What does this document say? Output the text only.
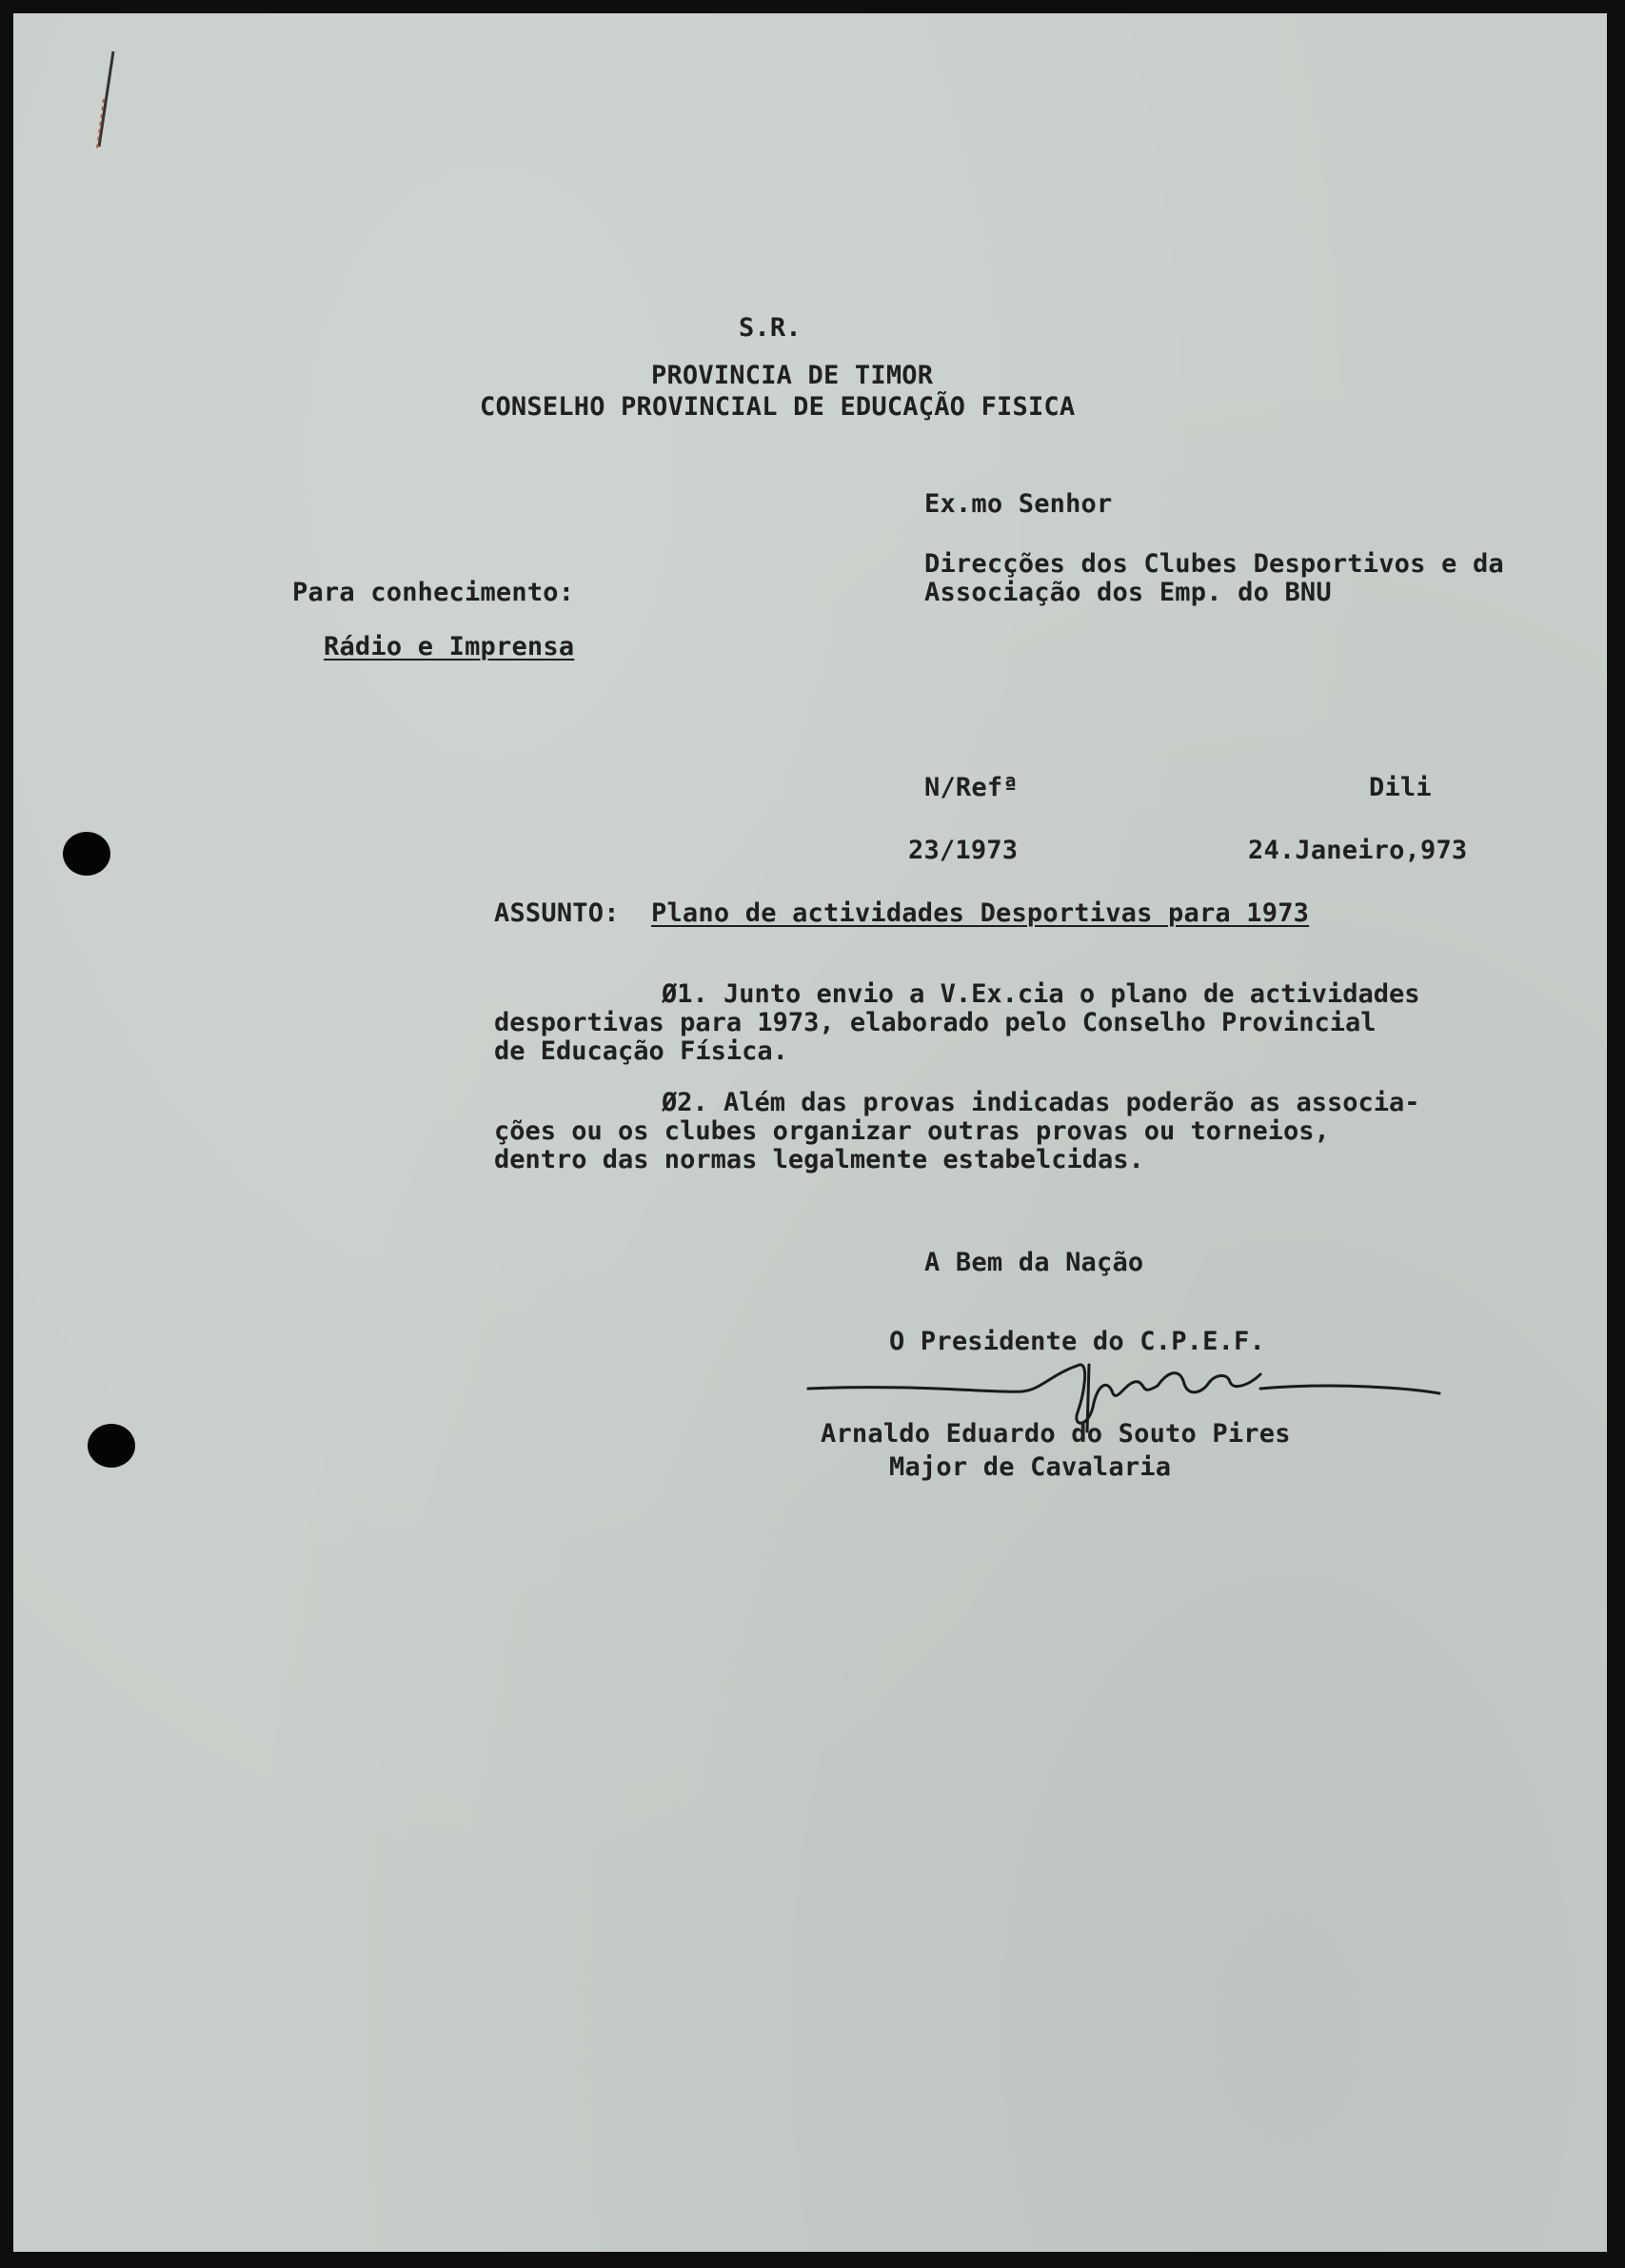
S.R.
PROVINCIA DE TIMOR
CONSELHO PROVINCIAL DE EDUCAÇÃO FISICA
Ex.mo Senhor
Direcções dos Clubes Desportivos e da
Associação dos Emp. do BNU
Para conhecimento:
Rádio e Imprensa
N/Refª	Dili
23/1973	24.Janeiro,973
ASSUNTO: Plano de actividades Desportivas para 1973
Ø1. Junto envio a V.Ex.cia o plano de actividades
desportivas para 1973, elaborado pelo Conselho Provincial
de Educação Física.
Ø2. Além das provas indicadas poderão as associa-
ções ou os clubes organizar outras provas ou torneios,
dentro das normas legalmente estabelcidas.
A Bem da Nação
O Presidente do C.P.E.F.
Arnaldo Eduardo do Souto Pires
Major de Cavalaria
